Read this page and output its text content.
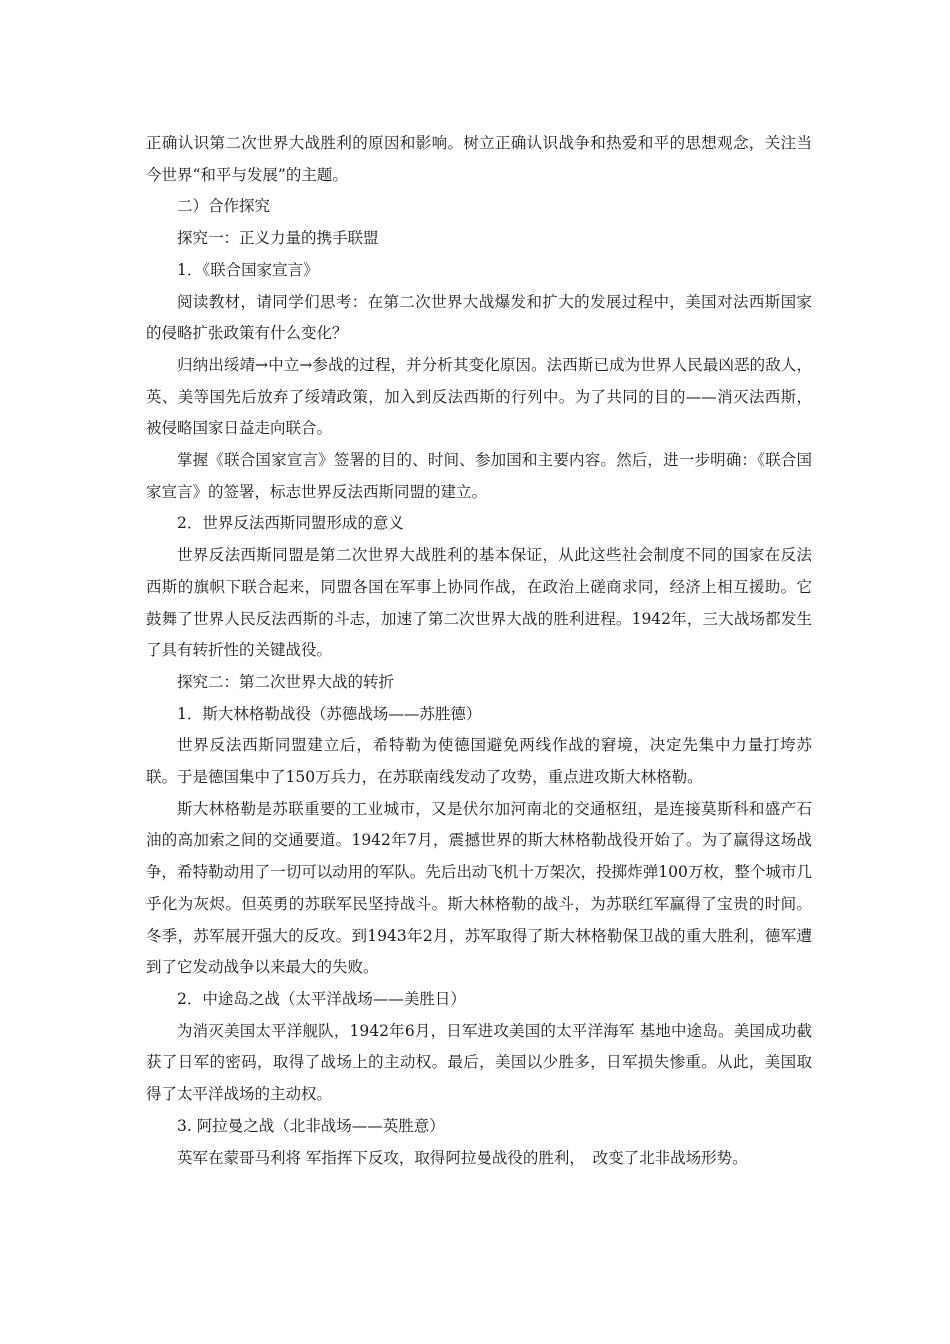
正确认识第二次世界大战胜利的原因和影响。树立正确认识战争和热爱和平的思想观念，关注当今世界“和平与发展”的主题。

二）合作探究

探究一：正义力量的携手联盟

1．《联合国家宣言》

阅读教材，请同学们思考：在第二次世界大战爆发和扩大的发展过程中，美国对法西斯国家的侵略扩张政策有什么变化？

归纳出绥靖→中立→参战的过程，并分析其变化原因。法西斯已成为世界人民最凶恶的敌人，英、美等国先后放弃了绥靖政策，加入到反法西斯的行列中。为了共同的目的——消灭法西斯，被侵略国家日益走向联合。

掌握《联合国家宣言》签署的目的、时间、参加国和主要内容。然后，进一步明确：《联合国家宣言》的签署，标志世界反法西斯同盟的建立。

2．世界反法西斯同盟形成的意义

世界反法西斯同盟是第二次世界大战胜利的基本保证，从此这些社会制度不同的国家在反法西斯的旗帜下联合起来，同盟各国在军事上协同作战，在政治上磋商求同，经济上相互援助。它鼓舞了世界人民反法西斯的斗志，加速了第二次世界大战的胜利进程。1942年，三大战场都发生了具有转折性的关键战役。

探究二：第二次世界大战的转折

1．斯大林格勒战役（苏德战场——苏胜德）

世界反法西斯同盟建立后，希特勒为使德国避免两线作战的窘境，决定先集中力量打垮苏联。于是德国集中了150万兵力，在苏联南线发动了攻势，重点进攻斯大林格勒。

斯大林格勒是苏联重要的工业城市，又是伏尔加河南北的交通枢纽，是连接莫斯科和盛产石油的高加索之间的交通要道。1942年7月，震撼世界的斯大林格勒战役开始了。为了赢得这场战争，希特勒动用了一切可以动用的军队。先后出动飞机十万架次，投掷炸弹100万枚，整个城市几乎化为灰烬。但英勇的苏联军民坚持战斗。斯大林格勒的战斗，为苏联红军赢得了宝贵的时间。冬季，苏军展开强大的反攻。到1943年2月，苏军取得了斯大林格勒保卫战的重大胜利，德军遭到了它发动战争以来最大的失败。

2．中途岛之战（太平洋战场——美胜日）

为消灭美国太平洋舰队，1942年6月，日军进攻美国的太平洋海军 基地中途岛。美国成功截获了日军的密码，取得了战场上的主动权。最后，美国以少胜多，日军损失惨重。从此，美国取得了太平洋战场的主动权。

3. 阿拉曼之战（北非战场——英胜意）

英军在蒙哥马利将 军指挥下反攻，取得阿拉曼战役的胜利，　改变了北非战场形势。
